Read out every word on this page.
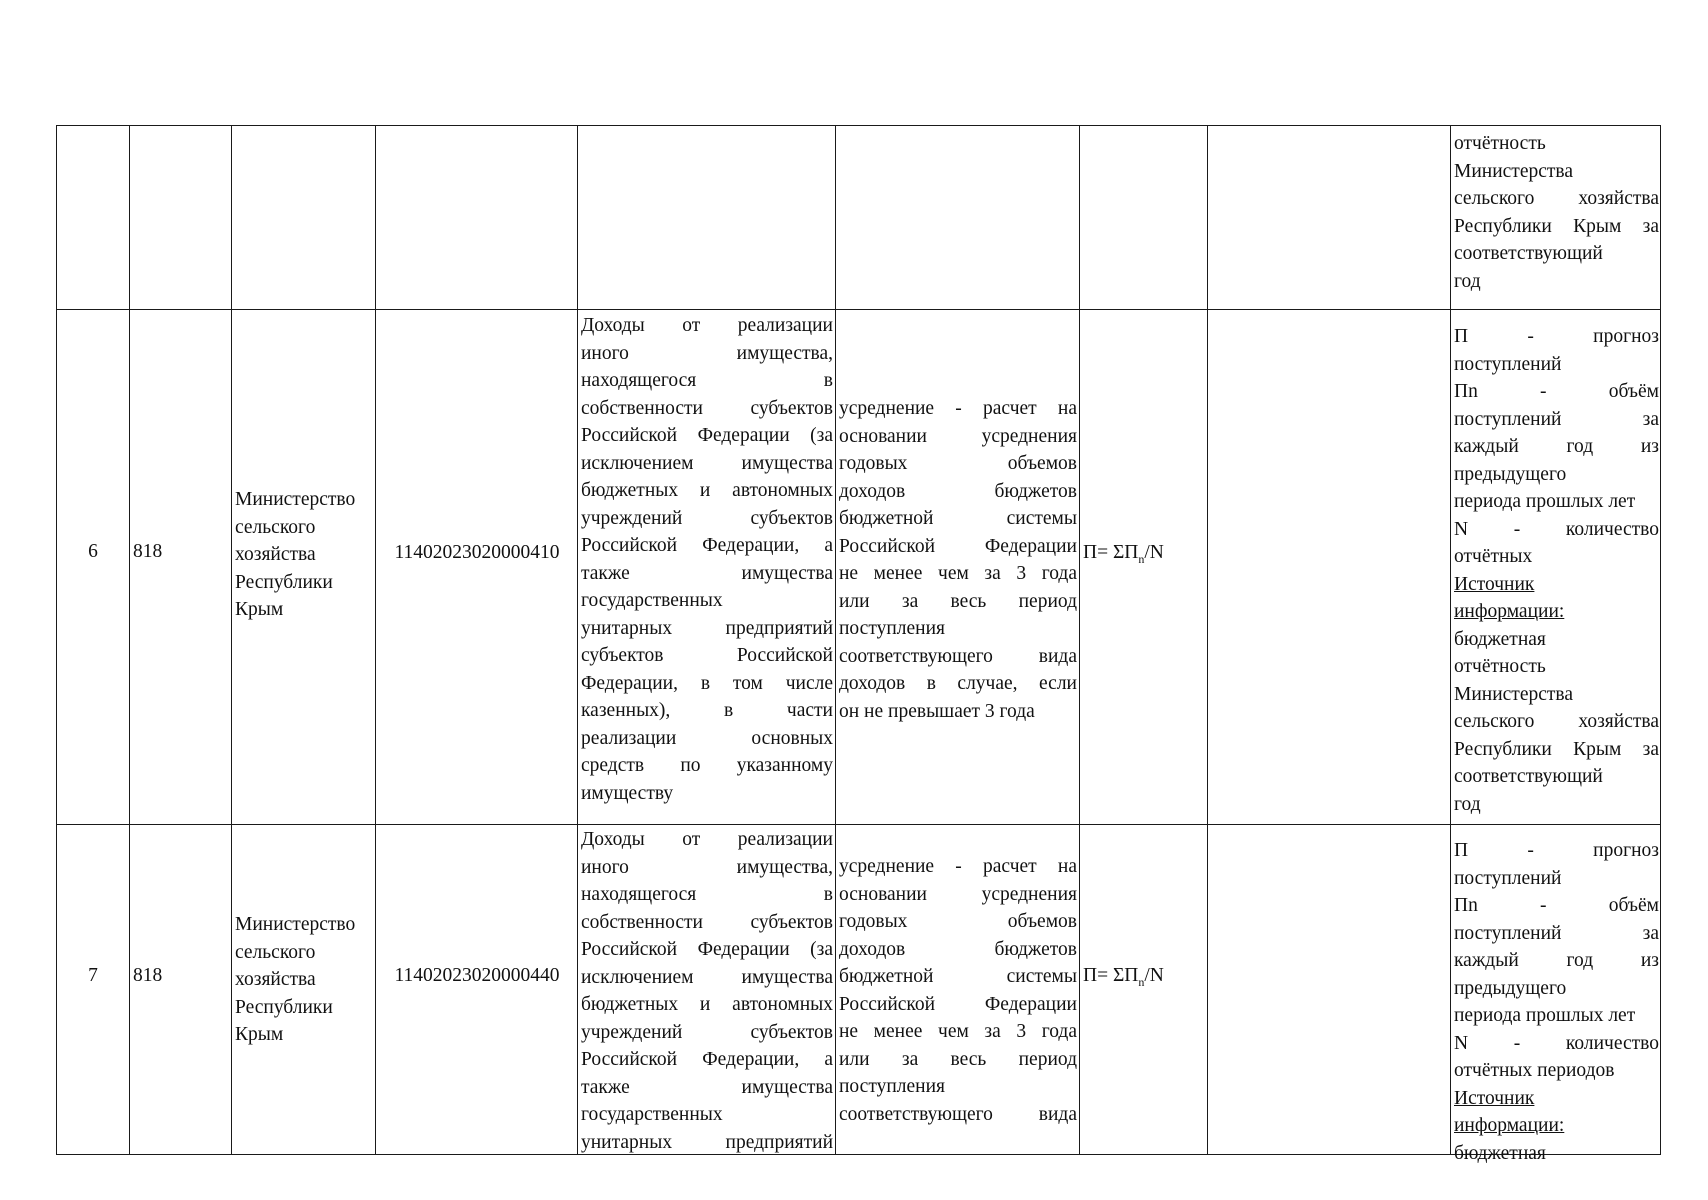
отчётность
Министерства
сельского хозяйства
Республики Крым за
соответствующий
год
6	818
Министерство
сельского
хозяйства
Республики
Крым
11402023020000410
Доходы от реализации
иного имущества,
находящегося в
собственности субъектов
Российской Федерации (за
исключением имущества
бюджетных и автономных
учреждений субъектов
Российской Федерации, а
также имущества
государственных
унитарных предприятий
субъектов Российской
Федерации, в том числе
казенных), в части
реализации основных
средств по указанному
имуществу
усреднение - расчет на
основании усреднения
годовых объемов
доходов бюджетов
бюджетной системы
Российской Федерации
не менее чем за 3 года
или за весь период
поступления
соответствующего вида
доходов в случае, если
он не превышает 3 года
$П= \Sigma П_n/N$
П - прогноз
поступлений
Пn - объём
поступлений за
каждый год из
предыдущего
периода прошлых лет
N - количество
отчётных
Источник
информации:
бюджетная
отчётность
Министерства
сельского хозяйства
Республики Крым за
соответствующий
год
7	818
Министерство
сельского
хозяйства
Республики
Крым
11402023020000440
Доходы от реализации
иного имущества,
находящегося в
собственности субъектов
Российской Федерации (за
исключением имущества
бюджетных и автономных
учреждений субъектов
Российской Федерации, а
также имущества
государственных
унитарных предприятий
усреднение - расчет на
основании усреднения
годовых объемов
доходов бюджетов
бюджетной системы
Российской Федерации
не менее чем за 3 года
или за весь период
поступления
соответствующего вида
$П= \Sigma П_n/N$
П - прогноз
поступлений
Пn - объём
поступлений за
каждый год из
предыдущего
периода прошлых лет
N - количество
отчётных периодов
Источник
информации:
бюджетная
